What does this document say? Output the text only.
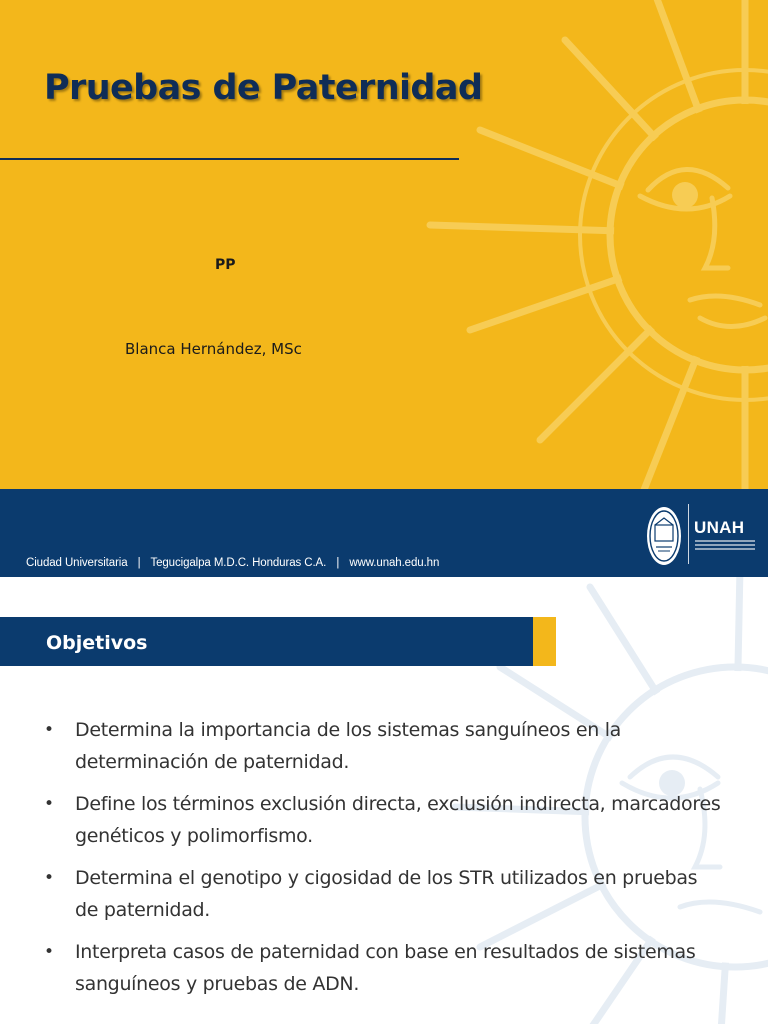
Pruebas de Paternidad
PP
Blanca Hernández, MSc
Ciudad Universitaria | Tegucigalpa M.D.C. Honduras C.A. | www.unah.edu.hn
UNAH
Objetivos
• Determina la importancia de los sistemas sanguíneos en la determinación de paternidad.
• Define los términos exclusión directa, exclusión indirecta, marcadores genéticos y polimorfismo.
• Determina el genotipo y cigosidad de los STR utilizados en pruebas de paternidad.
• Interpreta casos de paternidad con base en resultados de sistemas sanguíneos y pruebas de ADN.
